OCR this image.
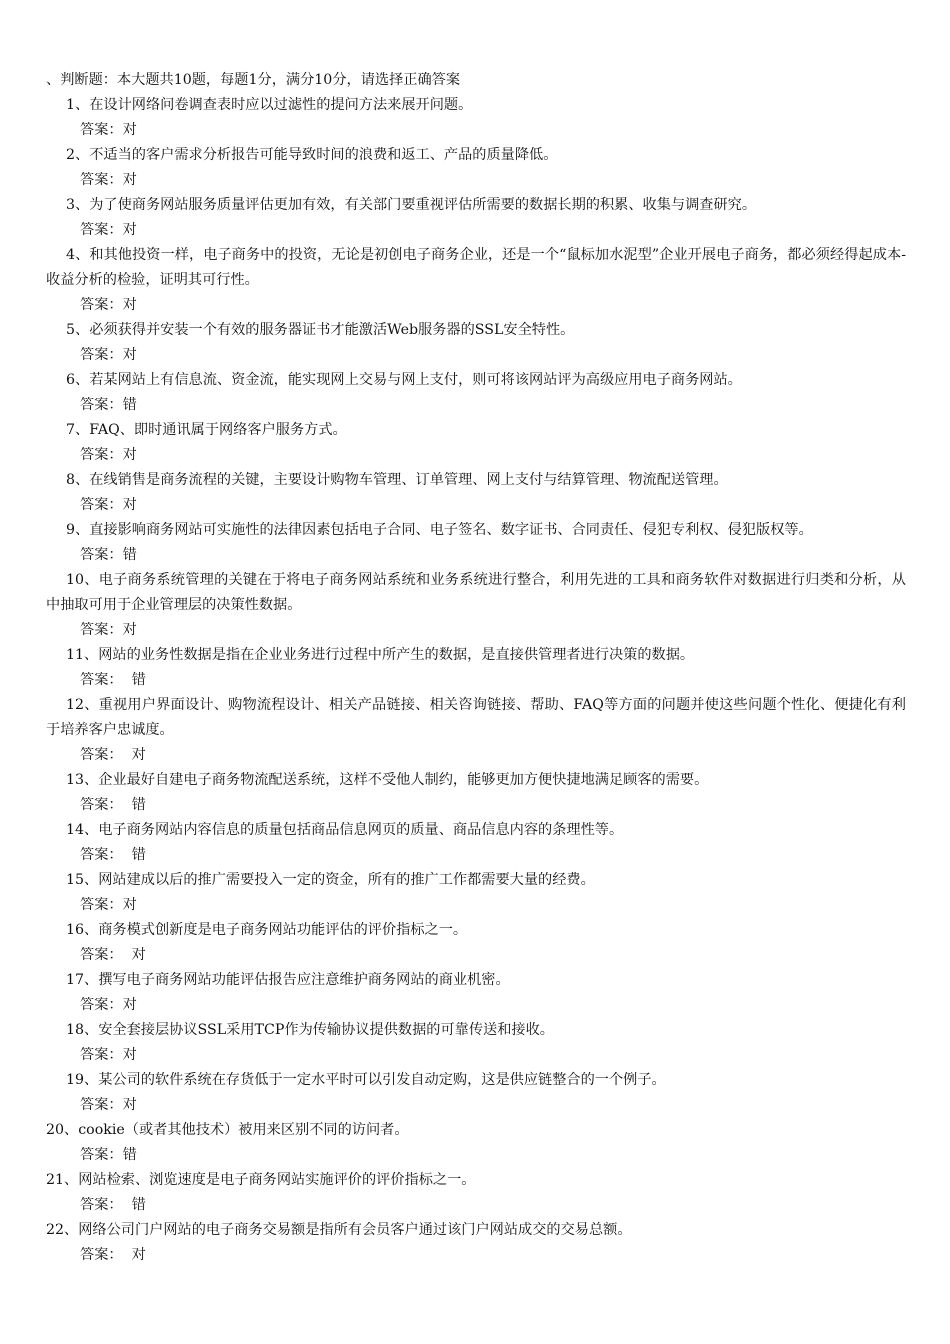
、判断题：本大题共10题，每题1分，满分10分，请选择正确答案

1、在设计网络问卷调查表时应以过滤性的提问方法来展开问题。

答案：对

2、不适当的客户需求分析报告可能导致时间的浪费和返工、产品的质量降低。

答案：对

3、为了使商务网站服务质量评估更加有效，有关部门要重视评估所需要的数据长期的积累、收集与调查研究。

答案：对

4、和其他投资一样，电子商务中的投资，无论是初创电子商务企业，还是一个“鼠标加水泥型”企业开展电子商务，都必须经得起成本-收益分析的检验，证明其可行性。

答案：对

5、必须获得并安装一个有效的服务器证书才能激活Web服务器的SSL安全特性。

答案：对

6、若某网站上有信息流、资金流，能实现网上交易与网上支付，则可将该网站评为高级应用电子商务网站。

答案：错

7、FAQ、即时通讯属于网络客户服务方式。

答案：对

8、在线销售是商务流程的关键，主要设计购物车管理、订单管理、网上支付与结算管理、物流配送管理。

答案：对

9、直接影响商务网站可实施性的法律因素包括电子合同、电子签名、数字证书、合同责任、侵犯专利权、侵犯版权等。

答案：错

10、电子商务系统管理的关键在于将电子商务网站系统和业务系统进行整合，利用先进的工具和商务软件对数据进行归类和分析，从中抽取可用于企业管理层的决策性数据。

答案：对

11、网站的业务性数据是指在企业业务进行过程中所产生的数据，是直接供管理者进行决策的数据。

答案：  错

12、重视用户界面设计、购物流程设计、相关产品链接、相关咨询链接、帮助、FAQ等方面的问题并使这些问题个性化、便捷化有利于培养客户忠诚度。

答案：  对

13、企业最好自建电子商务物流配送系统，这样不受他人制约，能够更加方便快捷地满足顾客的需要。

答案：  错

14、电子商务网站内容信息的质量包括商品信息网页的质量、商品信息内容的条理性等。

答案：  错

15、网站建成以后的推广需要投入一定的资金，所有的推广工作都需要大量的经费。

答案：对

16、商务模式创新度是电子商务网站功能评估的评价指标之一。

答案：  对

17、撰写电子商务网站功能评估报告应注意维护商务网站的商业机密。

答案：对

18、安全套接层协议SSL采用TCP作为传输协议提供数据的可靠传送和接收。

答案：对

19、某公司的软件系统在存货低于一定水平时可以引发自动定购，这是供应链整合的一个例子。

答案：对

20、cookie（或者其他技术）被用来区别不同的访问者。

答案：错

21、网站检索、浏览速度是电子商务网站实施评价的评价指标之一。

答案：  错

22、网络公司门户网站的电子商务交易额是指所有会员客户通过该门户网站成交的交易总额。

答案：  对
